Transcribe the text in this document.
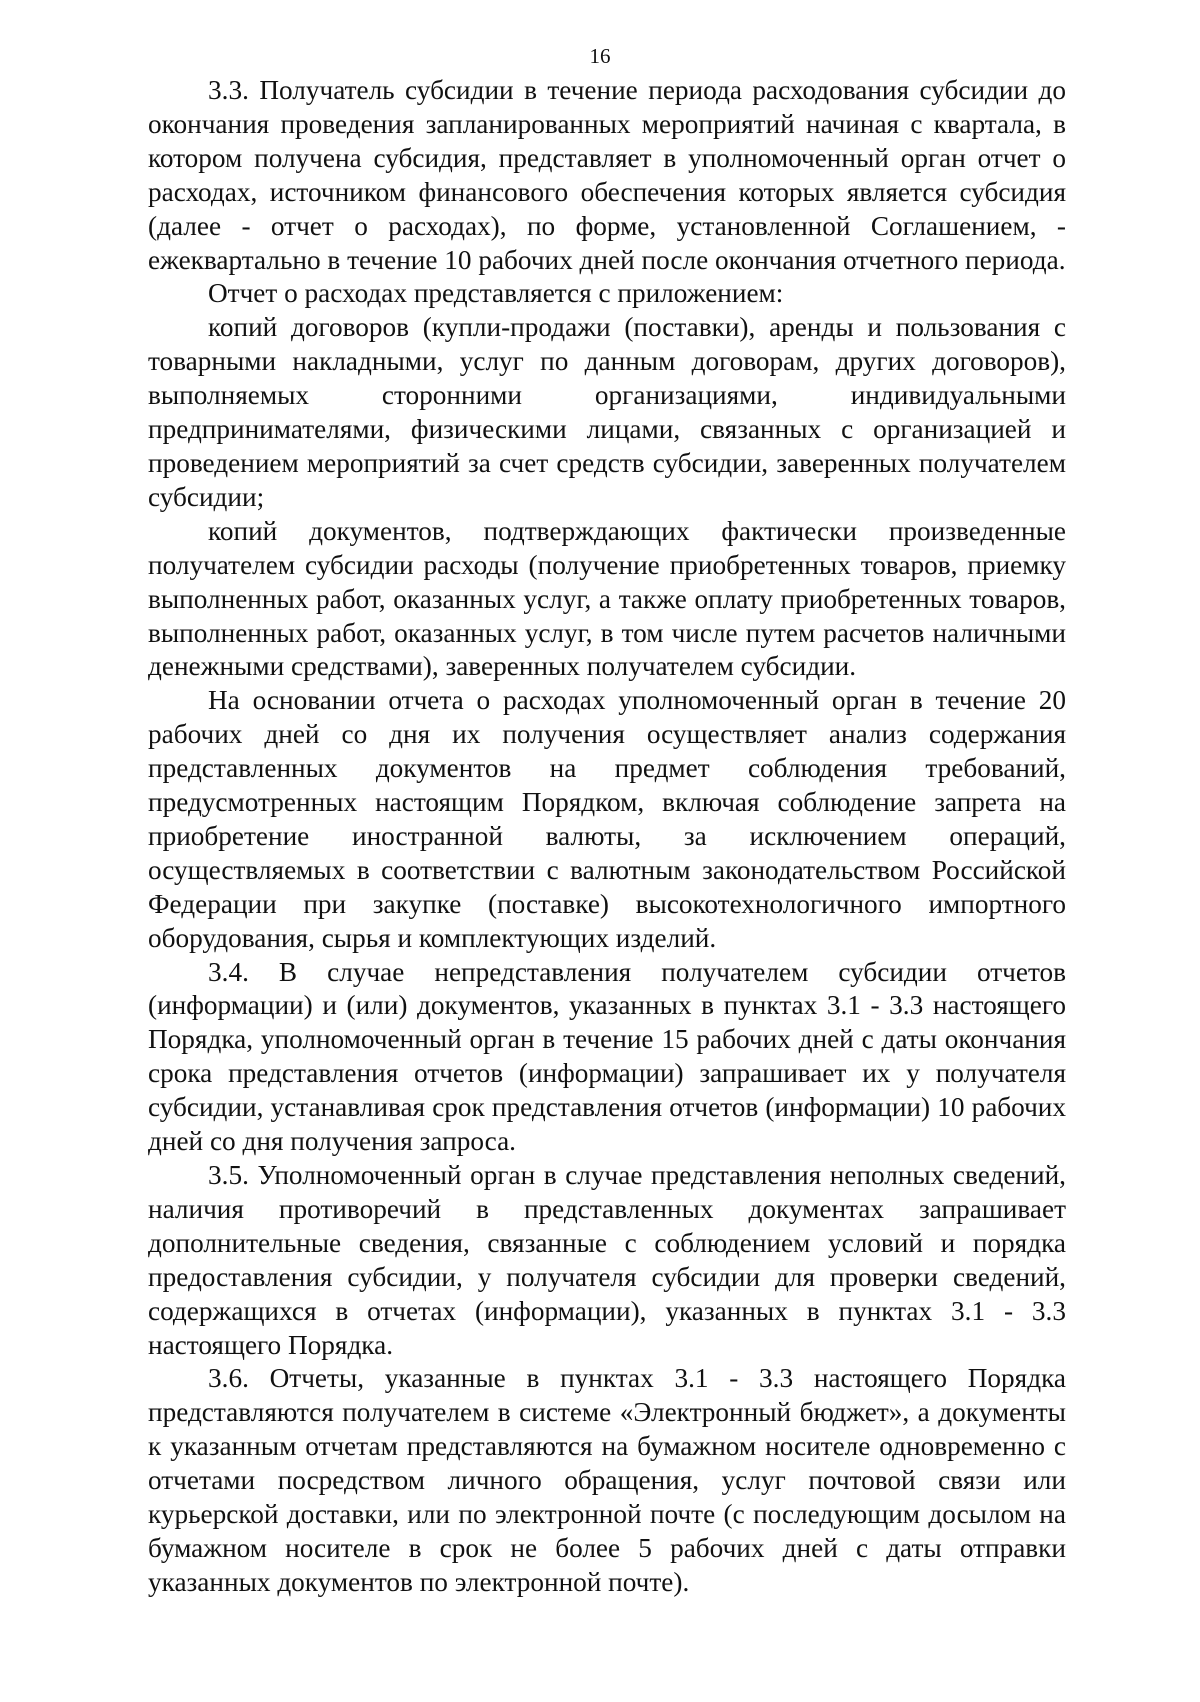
16

3.3. Получатель субсидии в течение периода расходования субсидии до окончания проведения запланированных мероприятий начиная с квартала, в котором получена субсидия, представляет в уполномоченный орган отчет о расходах, источником финансового обеспечения которых является субсидия (далее - отчет о расходах), по форме, установленной Соглашением, - ежеквартально в течение 10 рабочих дней после окончания отчетного периода.

Отчет о расходах представляется с приложением:

копий договоров (купли-продажи (поставки), аренды и пользования с товарными накладными, услуг по данным договорам, других договоров), выполняемых сторонними организациями, индивидуальными предпринимателями, физическими лицами, связанных с организацией и проведением мероприятий за счет средств субсидии, заверенных получателем субсидии;

копий документов, подтверждающих фактически произведенные получателем субсидии расходы (получение приобретенных товаров, приемку выполненных работ, оказанных услуг, а также оплату приобретенных товаров, выполненных работ, оказанных услуг, в том числе путем расчетов наличными денежными средствами), заверенных получателем субсидии.

На основании отчета о расходах уполномоченный орган в течение 20 рабочих дней со дня их получения осуществляет анализ содержания представленных документов на предмет соблюдения требований, предусмотренных настоящим Порядком, включая соблюдение запрета на приобретение иностранной валюты, за исключением операций, осуществляемых в соответствии с валютным законодательством Российской Федерации при закупке (поставке) высокотехнологичного импортного оборудования, сырья и комплектующих изделий.

3.4. В случае непредставления получателем субсидии отчетов (информации) и (или) документов, указанных в пунктах 3.1 - 3.3 настоящего Порядка, уполномоченный орган в течение 15 рабочих дней с даты окончания срока представления отчетов (информации) запрашивает их у получателя субсидии, устанавливая срок представления отчетов (информации) 10 рабочих дней со дня получения запроса.

3.5. Уполномоченный орган в случае представления неполных сведений, наличия противоречий в представленных документах запрашивает дополнительные сведения, связанные с соблюдением условий и порядка предоставления субсидии, у получателя субсидии для проверки сведений, содержащихся в отчетах (информации), указанных в пунктах 3.1 - 3.3 настоящего Порядка.

3.6. Отчеты, указанные в пунктах 3.1 - 3.3 настоящего Порядка представляются получателем в системе «Электронный бюджет», а документы к указанным отчетам представляются на бумажном носителе одновременно с отчетами посредством личного обращения, услуг почтовой связи или курьерской доставки, или по электронной почте (с последующим досылом на бумажном носителе в срок не более 5 рабочих дней с даты отправки указанных документов по электронной почте).
